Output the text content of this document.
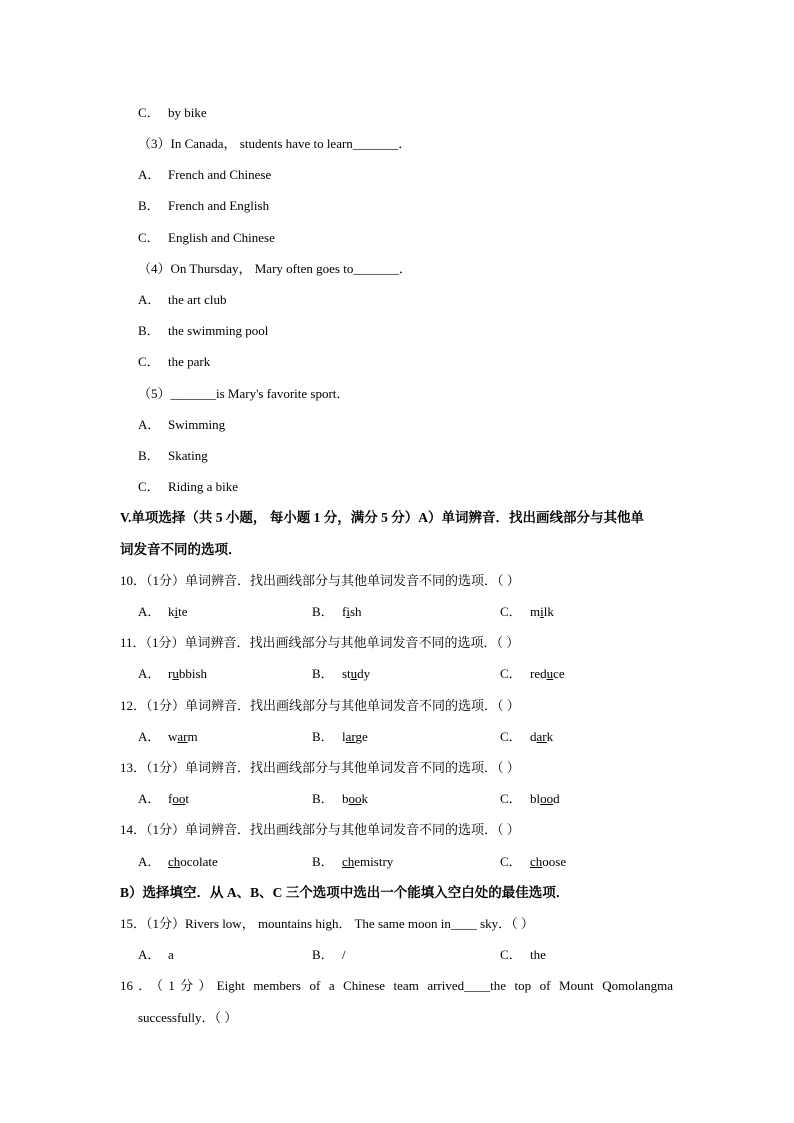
C． by bike
（3）In Canada， students have to learn_______．
A． French and Chinese
B． French and English
C． English and Chinese
（4）On Thursday， Mary often goes to_______．
A． the art club
B． the swimming pool
C． the park
（5）_______is Mary's favorite sport．
A． Swimming
B． Skating
C． Riding a bike
V.单项选择（共 5 小题， 每小题 1 分，满分 5 分）A）单词辨音．找出画线部分与其他单
词发音不同的选项．
10．（1分）单词辨音．找出画线部分与其他单词发音不同的选项．（ ）
A． kite	B． fish	C． milk
11．（1分）单词辨音．找出画线部分与其他单词发音不同的选项．（ ）
A． rubbish	B． study	C． reduce
12．（1分）单词辨音．找出画线部分与其他单词发音不同的选项．（ ）
A． warm	B． large	C． dark
13．（1分）单词辨音．找出画线部分与其他单词发音不同的选项．（ ）
A． foot	B． book	C． blood
14．（1分）单词辨音．找出画线部分与其他单词发音不同的选项．（ ）
A． chocolate	B． chemistry	C． choose
B）选择填空．从 A、B、C 三个选项中选出一个能填入空白处的最佳选项．
15．（1分）Rivers low， mountains high． The same moon in____ sky．（ ）
A． a	B． /	C． the
16．（1分）Eight members of a Chinese team arrived____the top of Mount Qomolangma
successfully．（ ）
